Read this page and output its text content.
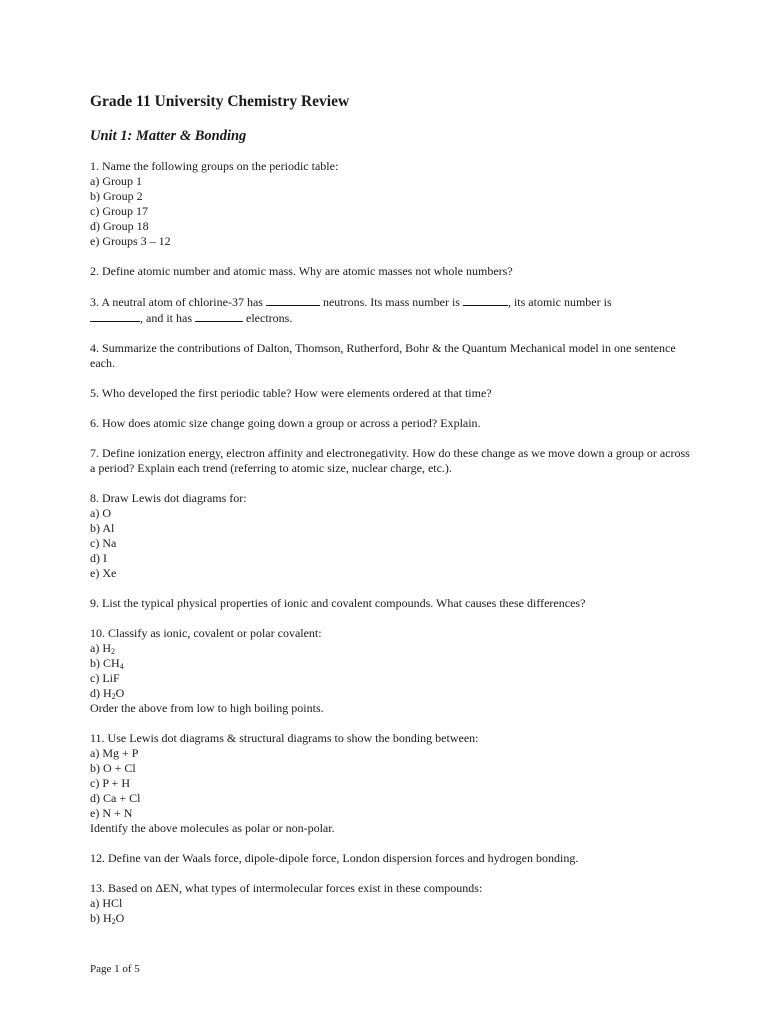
Grade 11 University Chemistry Review
Unit 1: Matter & Bonding
1. Name the following groups on the periodic table:
a) Group 1
b) Group 2
c) Group 17
d) Group 18
e) Groups 3 – 12
2. Define atomic number and atomic mass. Why are atomic masses not whole numbers?
3. A neutral atom of chlorine-37 has	neutrons. Its mass number is	, its atomic number is
, and it has	electrons.
4. Summarize the contributions of Dalton, Thomson, Rutherford, Bohr & the Quantum Mechanical model in one sentence each.
5. Who developed the first periodic table? How were elements ordered at that time?
6. How does atomic size change going down a group or across a period? Explain.
7. Define ionization energy, electron affinity and electronegativity. How do these change as we move down a group or across a period? Explain each trend (referring to atomic size, nuclear charge, etc.).
8. Draw Lewis dot diagrams for:
a) O
b) Al
c) Na
d) I
e) Xe
9. List the typical physical properties of ionic and covalent compounds. What causes these differences?
10. Classify as ionic, covalent or polar covalent:
a) $H_2$
b) $CH_4$
c) LiF
d) $H_2O$
Order the above from low to high boiling points.
11. Use Lewis dot diagrams & structural diagrams to show the bonding between:
a) Mg + P
b) O + Cl
c) P + H
d) Ca + Cl
e) N + N
Identify the above molecules as polar or non-polar.
12. Define van der Waals force, dipole-dipole force, London dispersion forces and hydrogen bonding.
13. Based on ΔEN, what types of intermolecular forces exist in these compounds:
a) HCl
b) $H_2O$
Page 1 of 5
